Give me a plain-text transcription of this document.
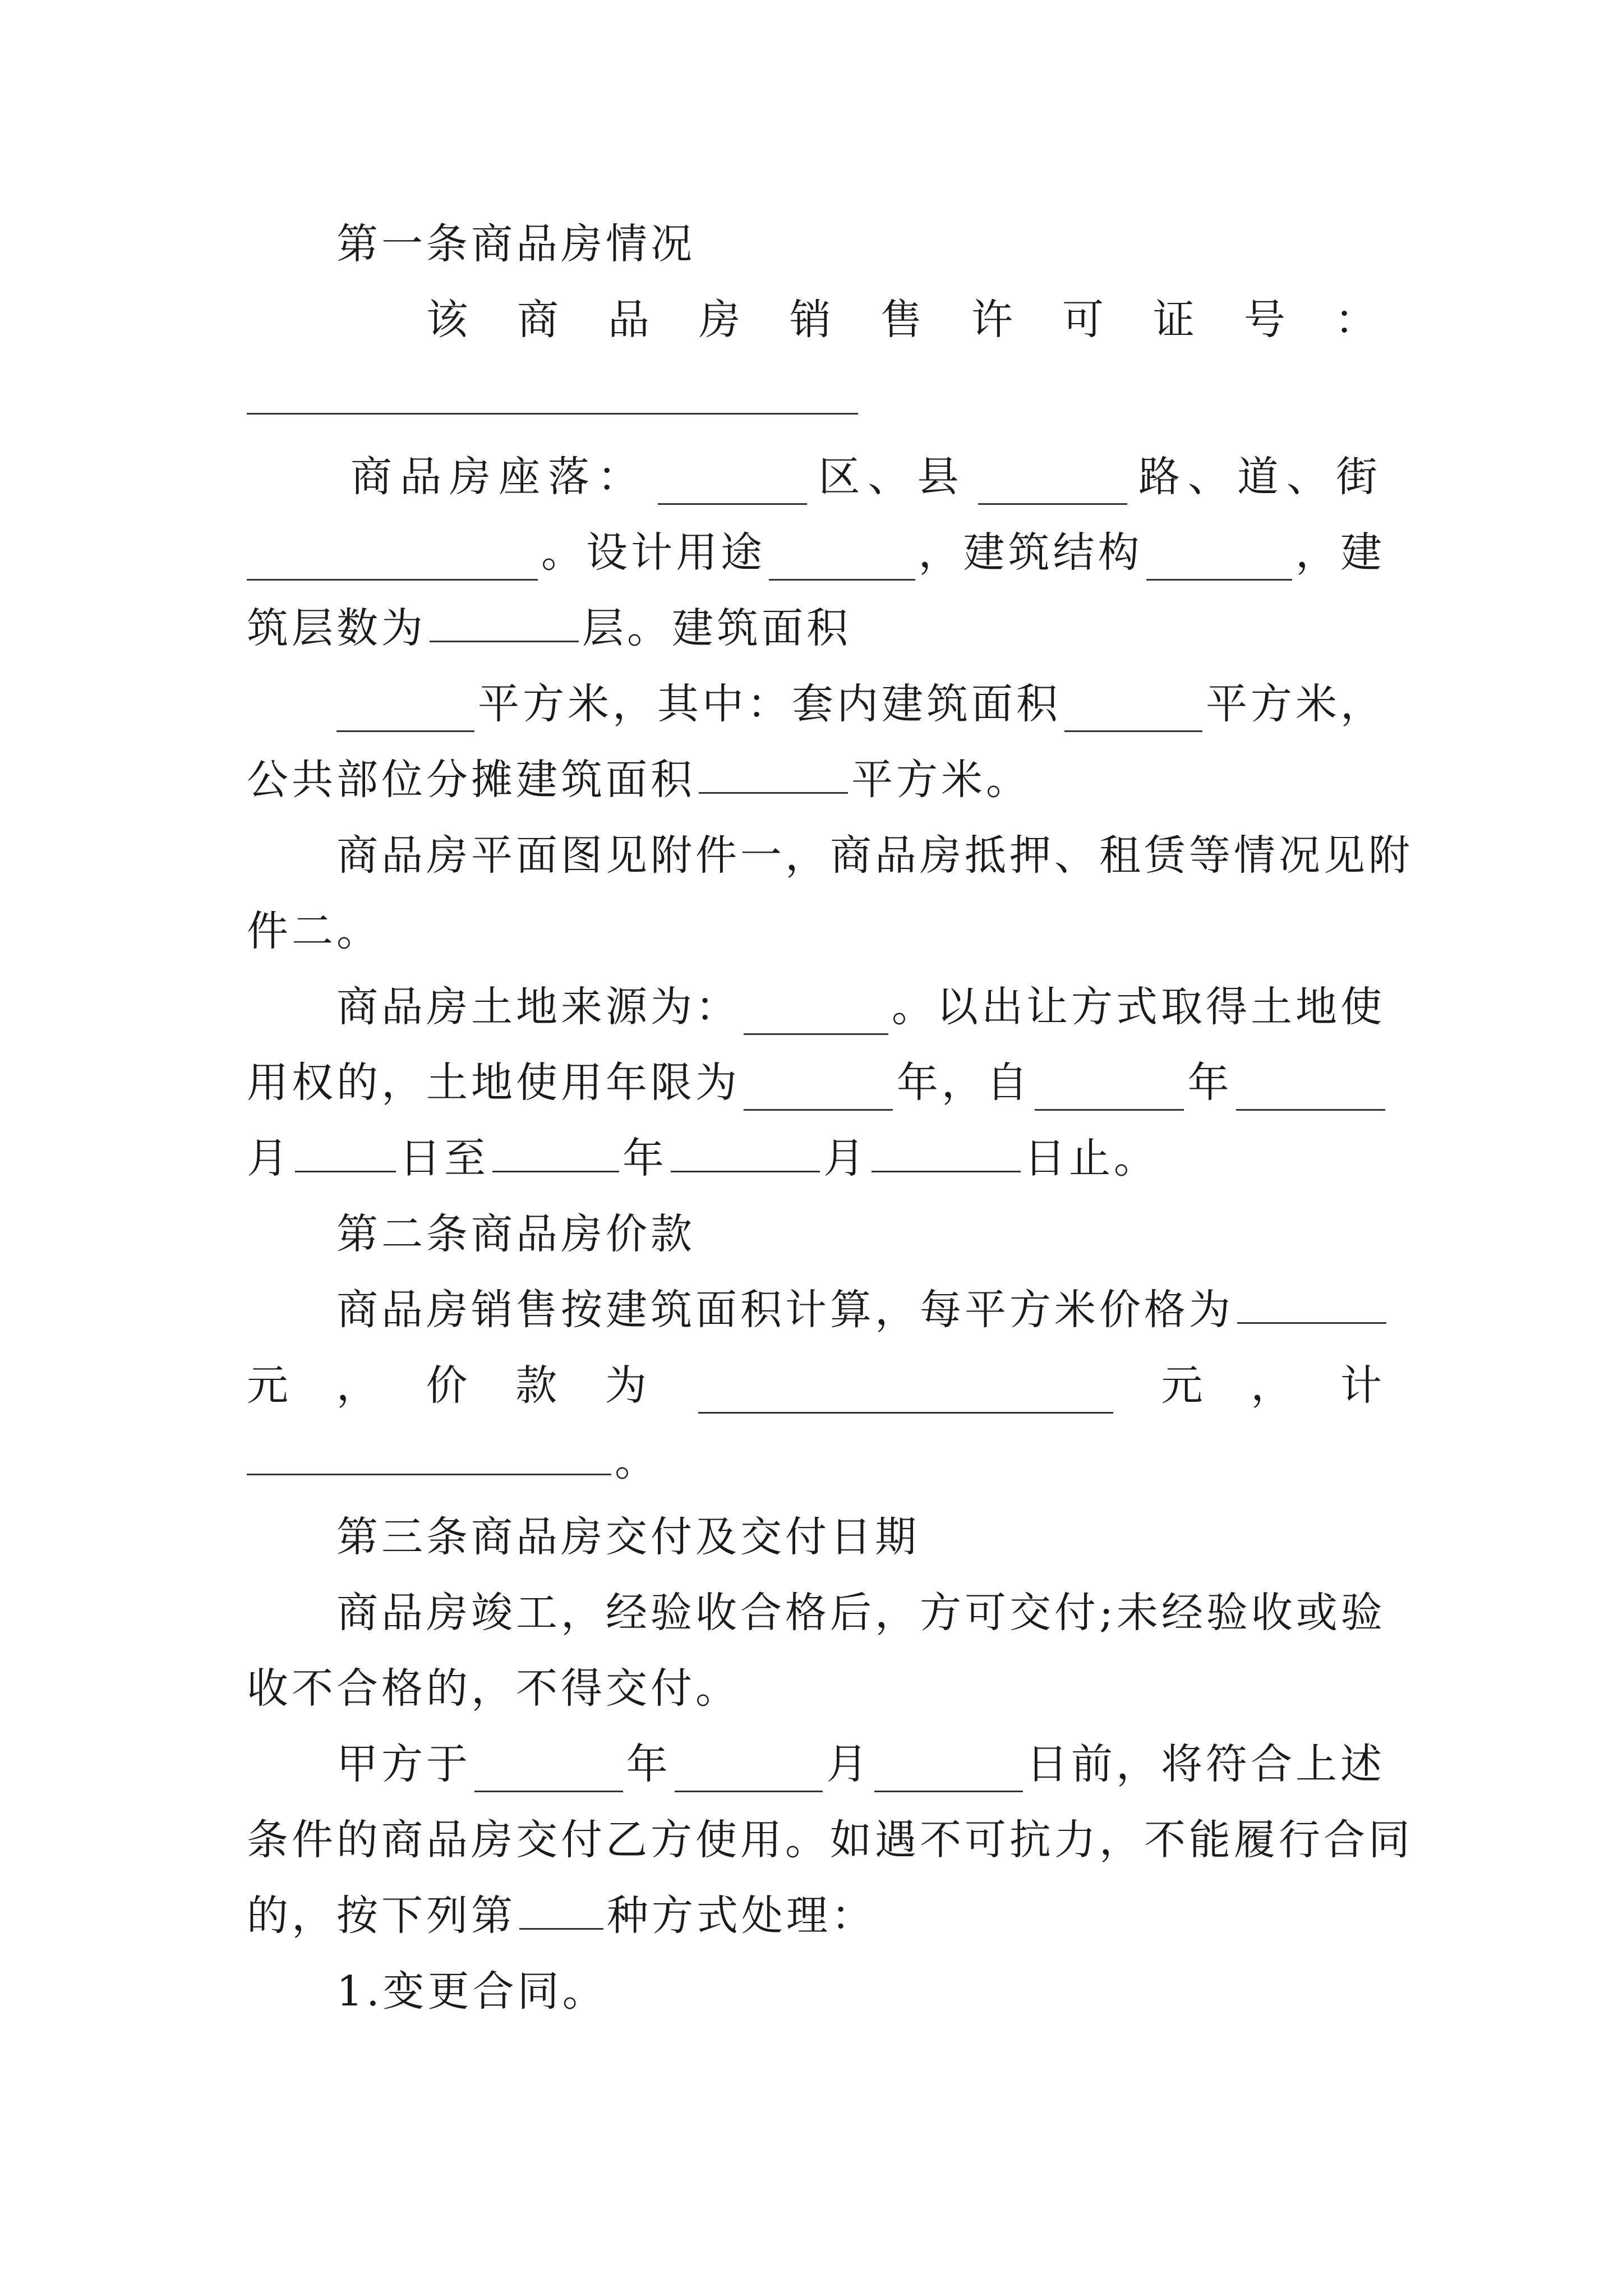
第一条商品房情况
该 商 品 房 销 售 许 可 证 号 ：
商品房座落：	区、县	路、道、街
。设计用途	，建筑结构	，建
筑层数为	层。建筑面积
平方米，其中：套内建筑面积	平方米，
公共部位分摊建筑面积	平方米。
商品房平面图见附件一，商品房抵押、租赁等情况见附
件二。
商品房土地来源为：	。以出让方式取得土地使
用权的，土地使用年限为	年，自	年
月	日至	年	月	日止。
第二条商品房价款
商品房销售按建筑面积计算，每平方米价格为
元 ， 价 款 为	元 ， 计
。
第三条商品房交付及交付日期
商品房竣工，经验收合格后，方可交付;未经验收或验
收不合格的，不得交付。
甲方于	年	月	日前，将符合上述
条件的商品房交付乙方使用。如遇不可抗力，不能履行合同
的，按下列第 种方式处理：
1.变更合同。
